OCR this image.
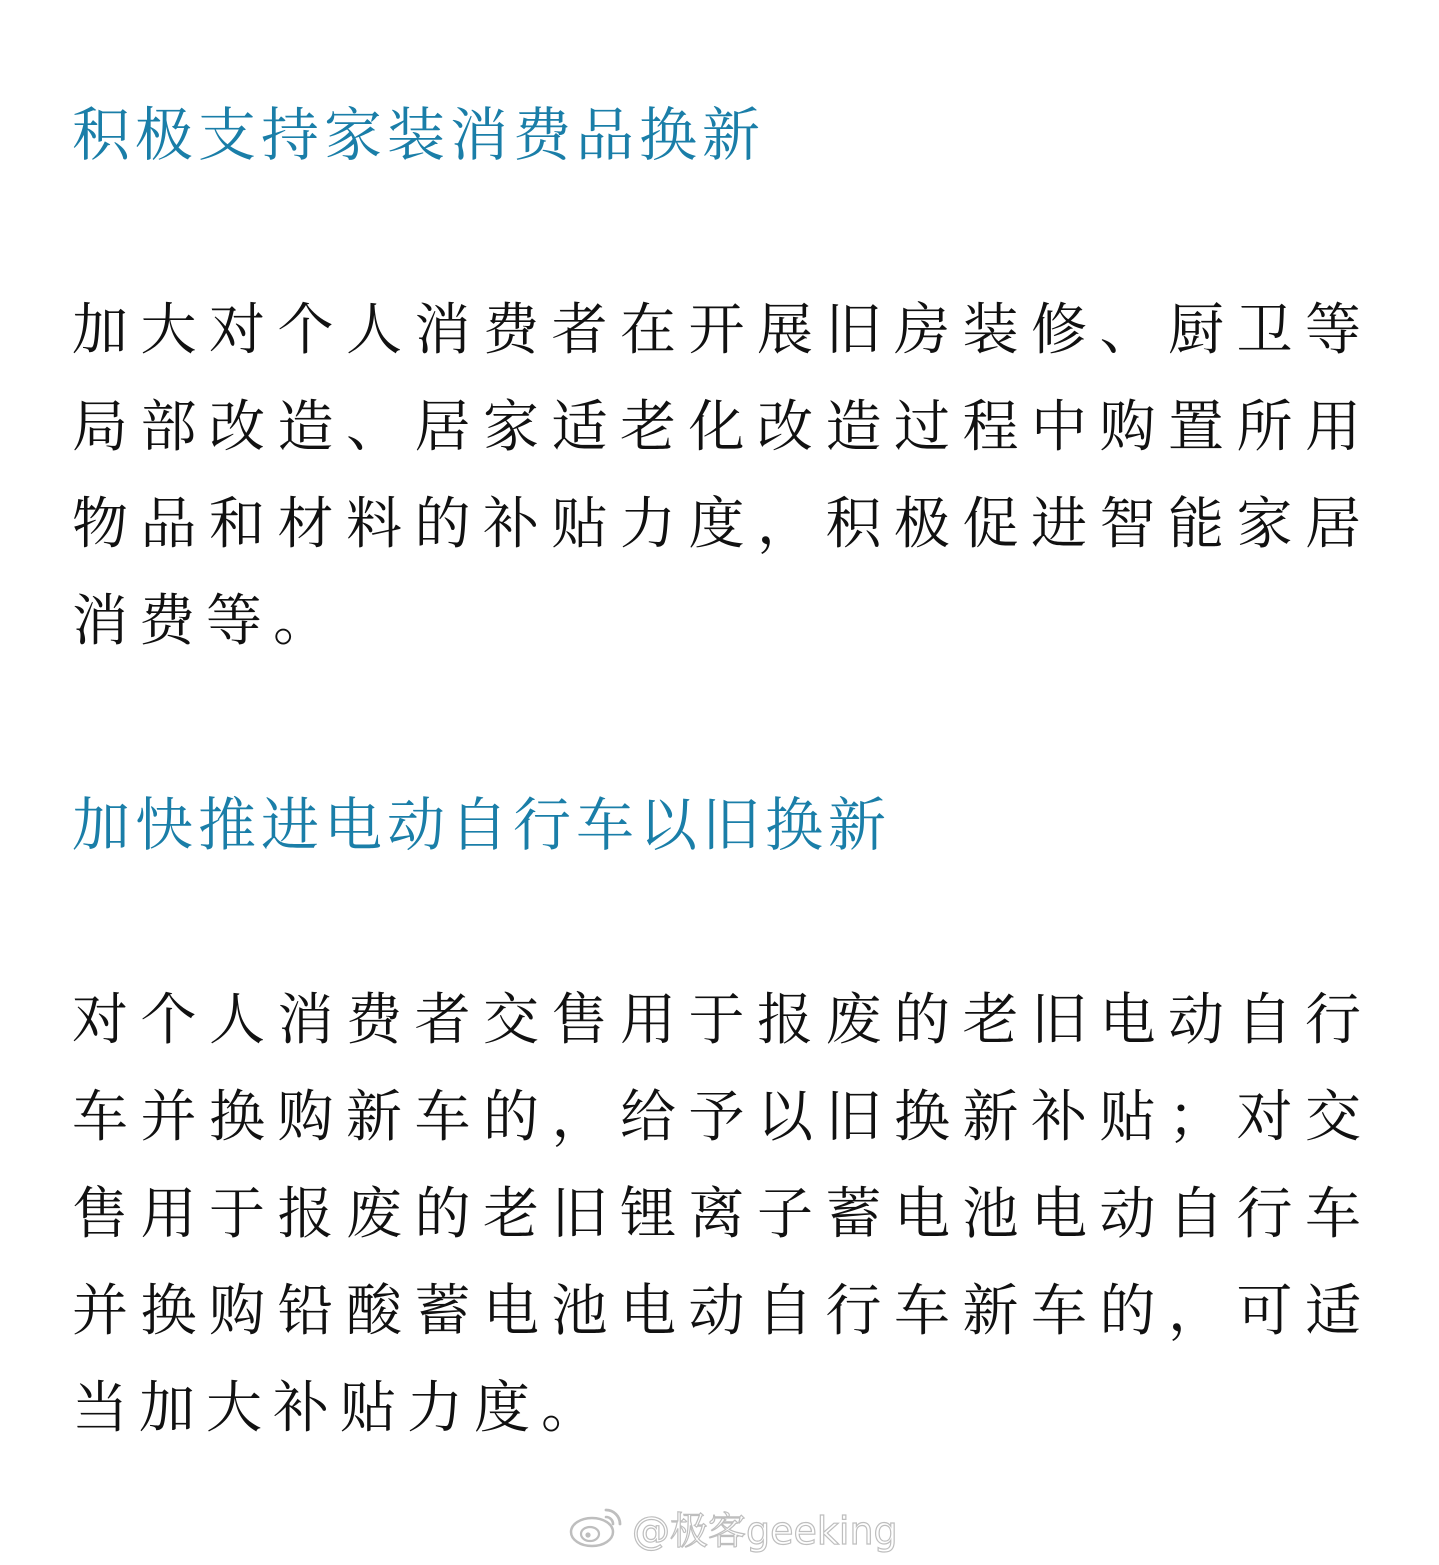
积极支持家装消费品换新

加大对个人消费者在开展旧房装修、厨卫等局部改造、居家适老化改造过程中购置所用物品和材料的补贴力度，积极促进智能家居消费等。

加快推进电动自行车以旧换新

对个人消费者交售用于报废的老旧电动自行车并换购新车的，给予以旧换新补贴；对交售用于报废的老旧锂离子蓄电池电动自行车并换购铅酸蓄电池电动自行车新车的，可适当加大补贴力度。

@极客geeking
